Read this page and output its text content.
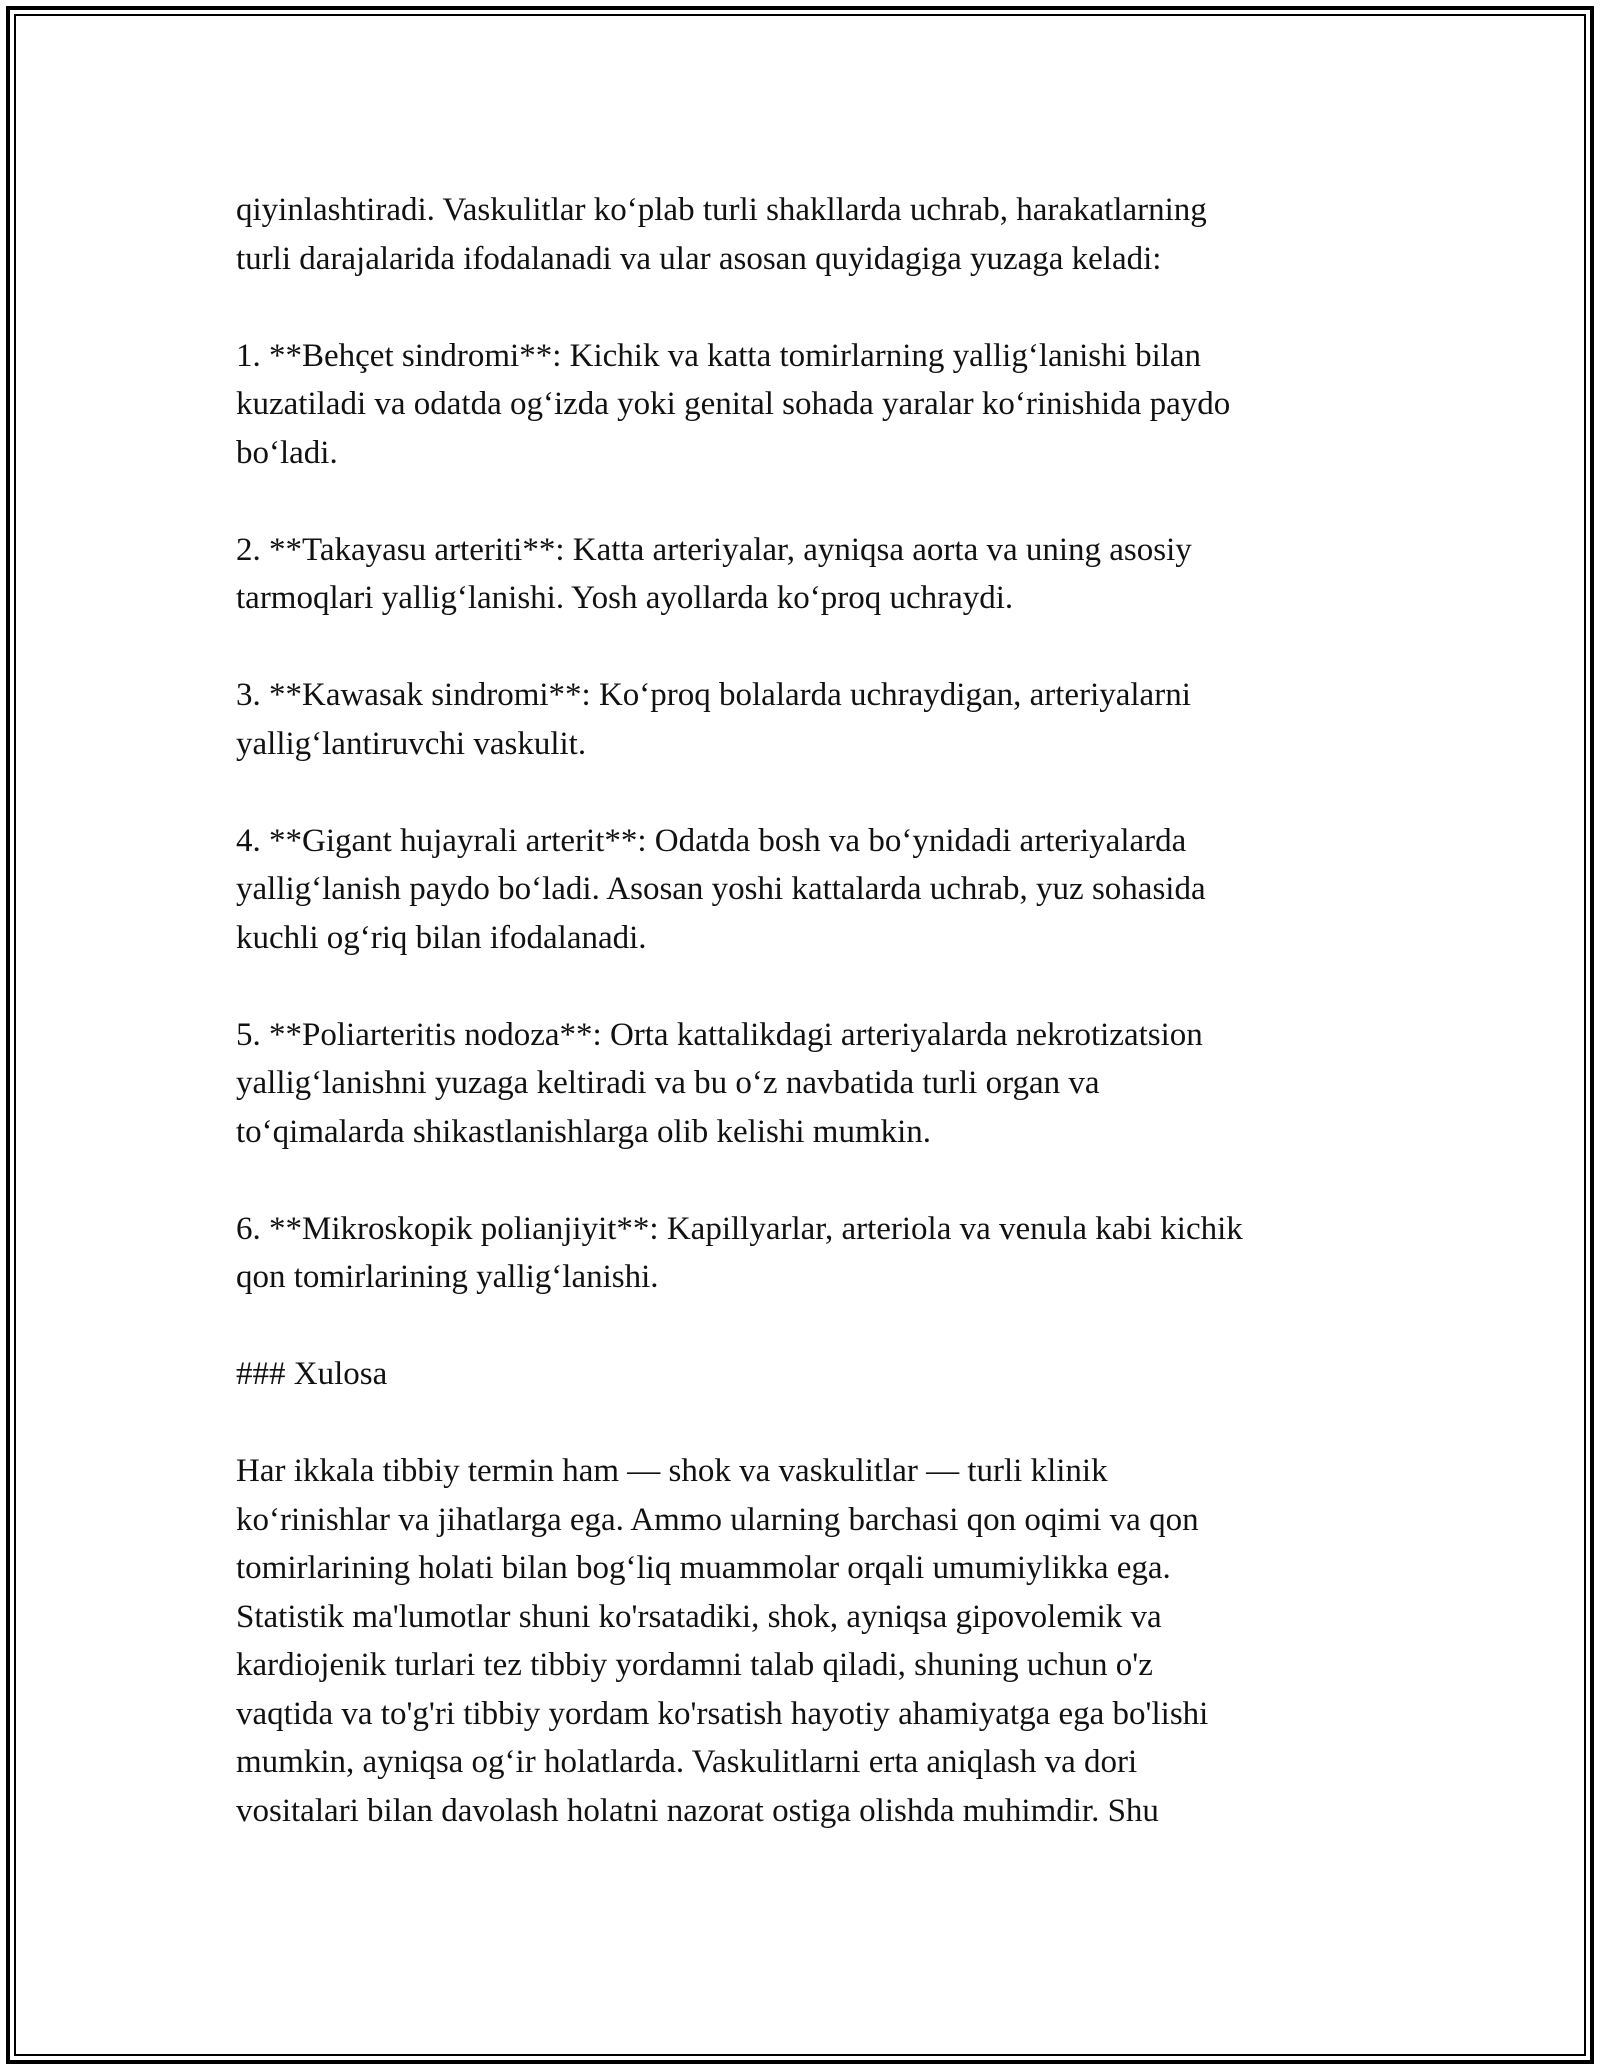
qiyinlashtiradi. Vaskulitlar ko‘plab turli shakllarda uchrab, harakatlarning
turli darajalarida ifodalanadi va ular asosan quyidagiga yuzaga keladi:

1. **Behçet sindromi**: Kichik va katta tomirlarning yallig‘lanishi bilan
kuzatiladi va odatda og‘izda yoki genital sohada yaralar ko‘rinishida paydo
bo‘ladi.

2. **Takayasu arteriti**: Katta arteriyalar, ayniqsa aorta va uning asosiy
tarmoqlari yallig‘lanishi. Yosh ayollarda ko‘proq uchraydi.

3. **Kawasak sindromi**: Ko‘proq bolalarda uchraydigan, arteriyalarni
yallig‘lantiruvchi vaskulit.

4. **Gigant hujayrali arterit**: Odatda bosh va bo‘ynidadi arteriyalarda
yallig‘lanish paydo bo‘ladi. Asosan yoshi kattalarda uchrab, yuz sohasida
kuchli og‘riq bilan ifodalanadi.

5. **Poliarteritis nodoza**: Orta kattalikdagi arteriyalarda nekrotizatsion
yallig‘lanishni yuzaga keltiradi va bu o‘z navbatida turli organ va
to‘qimalarda shikastlanishlarga olib kelishi mumkin.

6. **Mikroskopik polianjiyit**: Kapillyarlar, arteriola va venula kabi kichik
qon tomirlarining yallig‘lanishi.

### Xulosa

Har ikkala tibbiy termin ham — shok va vaskulitlar — turli klinik
ko‘rinishlar va jihatlarga ega. Ammo ularning barchasi qon oqimi va qon
tomirlarining holati bilan bog‘liq muammolar orqali umumiylikka ega.
Statistik ma'lumotlar shuni ko'rsatadiki, shok, ayniqsa gipovolemik va
kardiojenik turlari tez tibbiy yordamni talab qiladi, shuning uchun o'z
vaqtida va to'g'ri tibbiy yordam ko'rsatish hayotiy ahamiyatga ega bo'lishi
mumkin, ayniqsa og‘ir holatlarda. Vaskulitlarni erta aniqlash va dori
vositalari bilan davolash holatni nazorat ostiga olishda muhimdir. Shu
